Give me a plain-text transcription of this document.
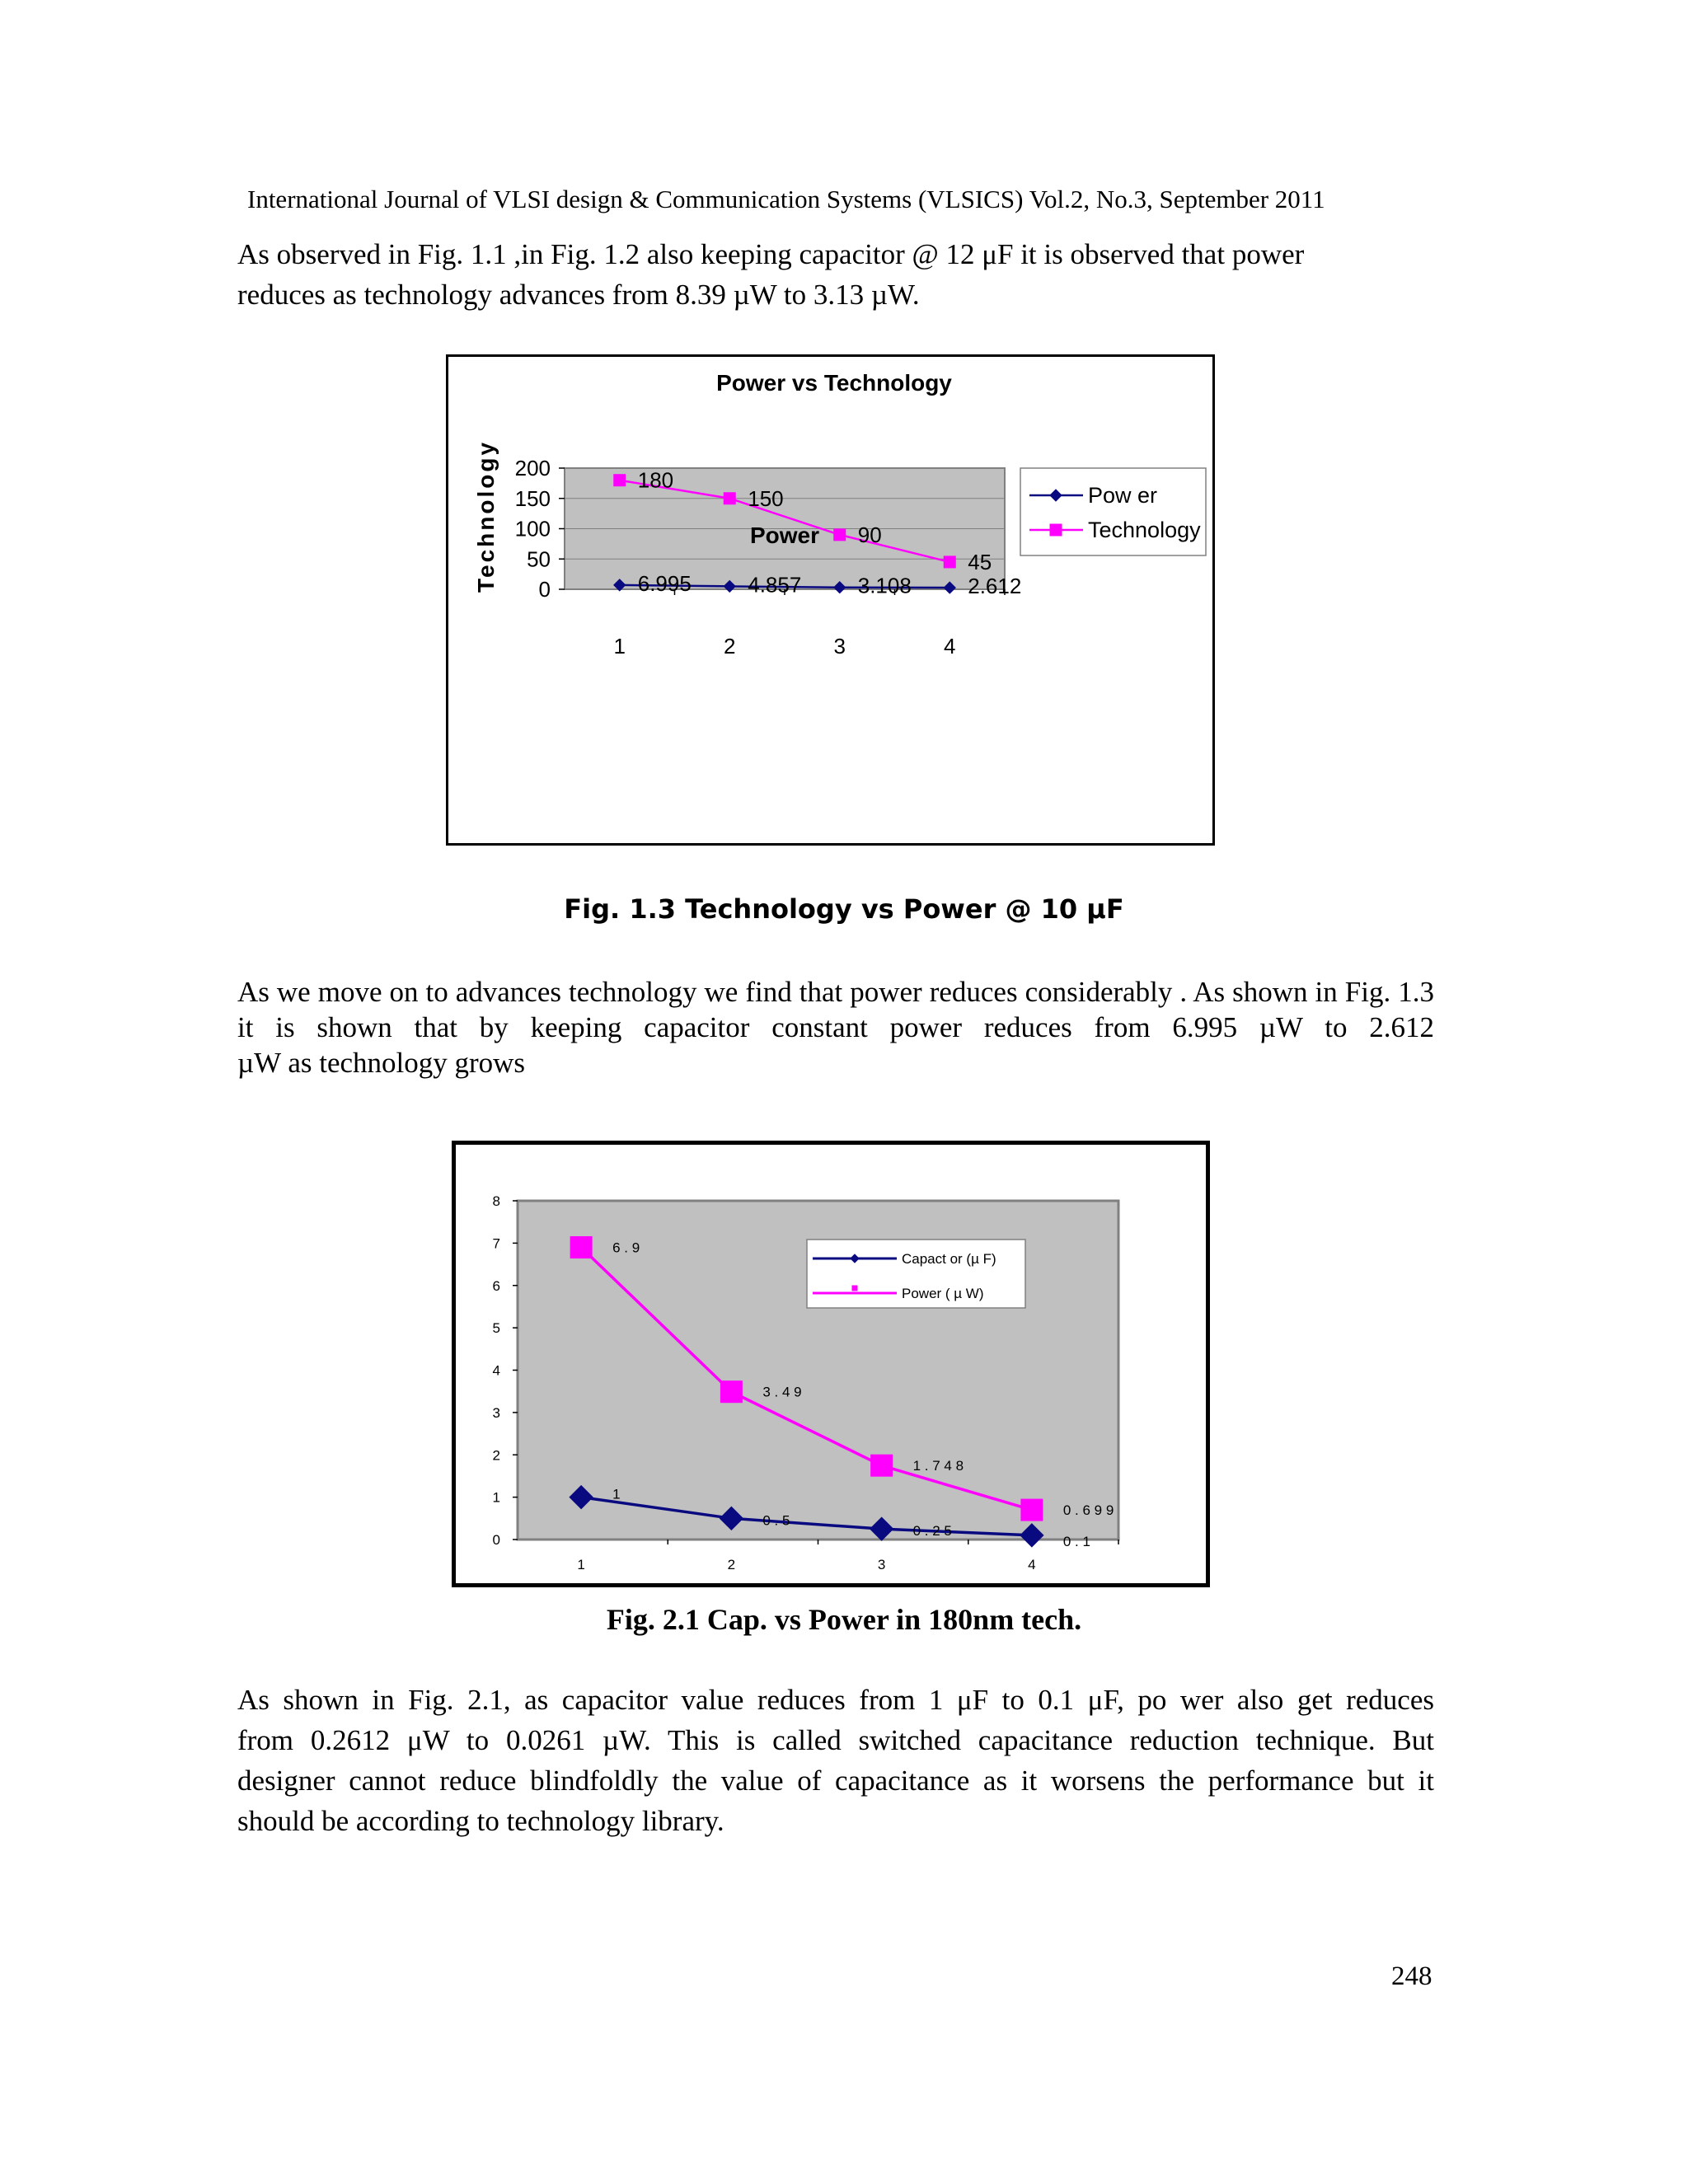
International Journal of VLSI design & Communication Systems (VLSICS) Vol.2, No.3, September 2011
As observed in Fig. 1.1 ,in Fig. 1.2 also keeping capacitor @ 12 μF it is observed that power
reduces as technology advances from 8.39 µW to 3.13 µW.
Power vs Technology
0
50
100
150
200
1	2	3	4
Power
Technology	6.995	4.857	3.108	2.612
180
150
90
45
Pow er
Technology
Fig. 1.3 Technology vs Power @ 10 μF
As we move on to advances technology we find that power reduces considerably . As shown in Fig. 1.3 it is shown that by keeping capacitor constant power reduces from 6.995 µW to 2.612
µW as technology grows
0
1
2
3
4
5
6
7
8
1	2	3	4
1
0 . 5
0 . 2 5
0 . 1
6 . 9
3 . 4 9
1 . 7 4 8
0 . 6 9 9
Capact or (µ F)
Power ( µ W)
Fig. 2.1 Cap. vs Power in 180nm tech.
As shown in Fig. 2.1, as capacitor value reduces from 1 μF to 0.1 μF, po wer also get reduces
from 0.2612 μW to 0.0261 µW. This is called switched capacitance reduction technique. But
designer cannot reduce blindfoldly the value of capacitance as it worsens the performance but it
should be according to technology library.
248
